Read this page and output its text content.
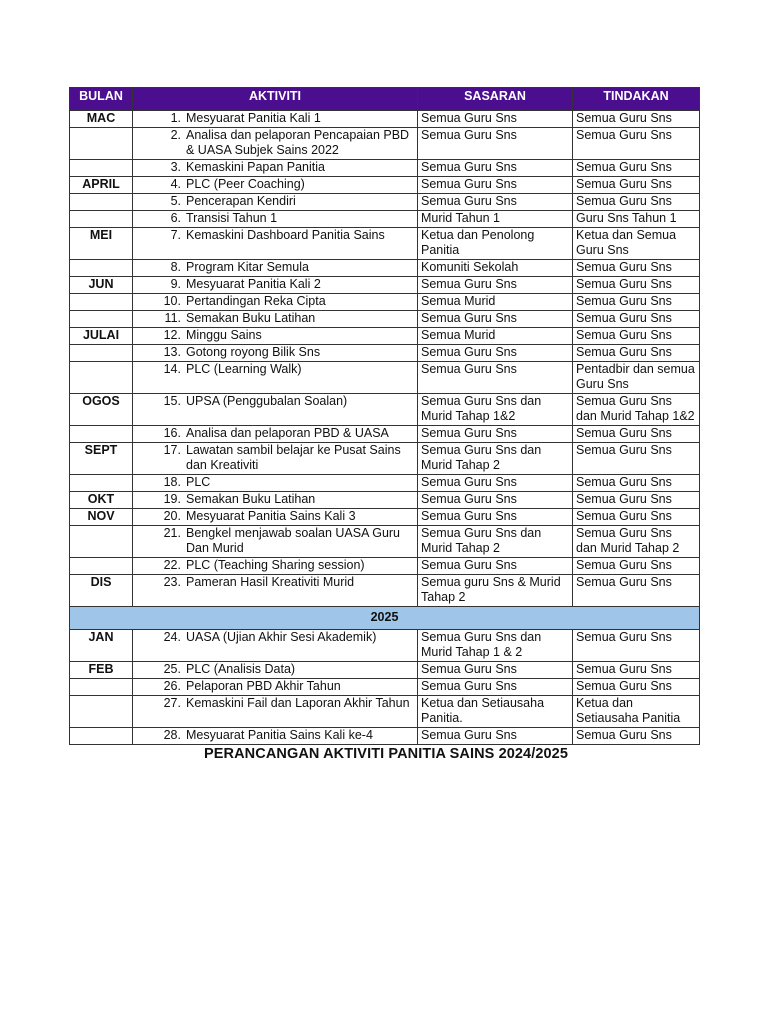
BULAN	AKTIVITI	SASARAN	TINDAKAN
MAC	1. Mesyuarat Panitia Kali 1	Semua Guru Sns	Semua Guru Sns

	2. Analisa dan pelaporan Pencapaian PBD & UASA Subjek Sains 2022	Semua Guru Sns	Semua Guru Sns

	3. Kemaskini Papan Panitia	Semua Guru Sns	Semua Guru Sns
APRIL	4. PLC (Peer Coaching)	Semua Guru Sns	Semua Guru Sns

	5. Pencerapan Kendiri	Semua Guru Sns	Semua Guru Sns

	6. Transisi Tahun 1	Murid Tahun 1	Guru Sns Tahun 1
MEI	7. Kemaskini Dashboard Panitia Sains	Ketua dan Penolong Panitia	Ketua dan Semua Guru Sns

	8. Program Kitar Semula	Komuniti Sekolah	Semua Guru Sns
JUN	9. Mesyuarat Panitia Kali 2	Semua Guru Sns	Semua Guru Sns

	10. Pertandingan Reka Cipta	Semua Murid	Semua Guru Sns

	11. Semakan Buku Latihan	Semua Guru Sns	Semua Guru Sns
JULAI	12. Minggu Sains	Semua Murid	Semua Guru Sns

	13. Gotong royong Bilik Sns	Semua Guru Sns	Semua Guru Sns

	14. PLC (Learning Walk)	Semua Guru Sns	Pentadbir dan semua Guru Sns
OGOS	15. UPSA (Penggubalan Soalan)	Semua Guru Sns dan Murid Tahap 1&2	Semua Guru Sns dan Murid Tahap 1&2

	16. Analisa dan pelaporan PBD & UASA	Semua Guru Sns	Semua Guru Sns
SEPT	17. Lawatan sambil belajar ke Pusat Sains dan Kreativiti	Semua Guru Sns dan Murid Tahap 2	Semua Guru Sns

	18. PLC	Semua Guru Sns	Semua Guru Sns
OKT	19. Semakan Buku Latihan	Semua Guru Sns	Semua Guru Sns
NOV	20. Mesyuarat Panitia Sains Kali 3	Semua Guru Sns	Semua Guru Sns

	21. Bengkel menjawab soalan UASA Guru Dan Murid	Semua Guru Sns dan Murid Tahap 2	Semua Guru Sns dan Murid Tahap 2

	22. PLC (Teaching Sharing session)	Semua Guru Sns	Semua Guru Sns
DIS	23. Pameran Hasil Kreativiti Murid	Semua guru Sns & Murid Tahap 2	Semua Guru Sns
2025			
JAN	24. UASA (Ujian Akhir Sesi Akademik)	Semua Guru Sns dan Murid Tahap 1 & 2	Semua Guru Sns
FEB	25. PLC (Analisis Data)	Semua Guru Sns	Semua Guru Sns

	26. Pelaporan PBD Akhir Tahun	Semua Guru Sns	Semua Guru Sns

	27. Kemaskini Fail dan Laporan Akhir Tahun	Ketua dan Setiausaha Panitia.	Ketua dan Setiausaha Panitia

	28. Mesyuarat Panitia Sains Kali ke-4	Semua Guru Sns	Semua Guru Sns
PERANCANGAN AKTIVITI PANITIA SAINS 2024/2025
